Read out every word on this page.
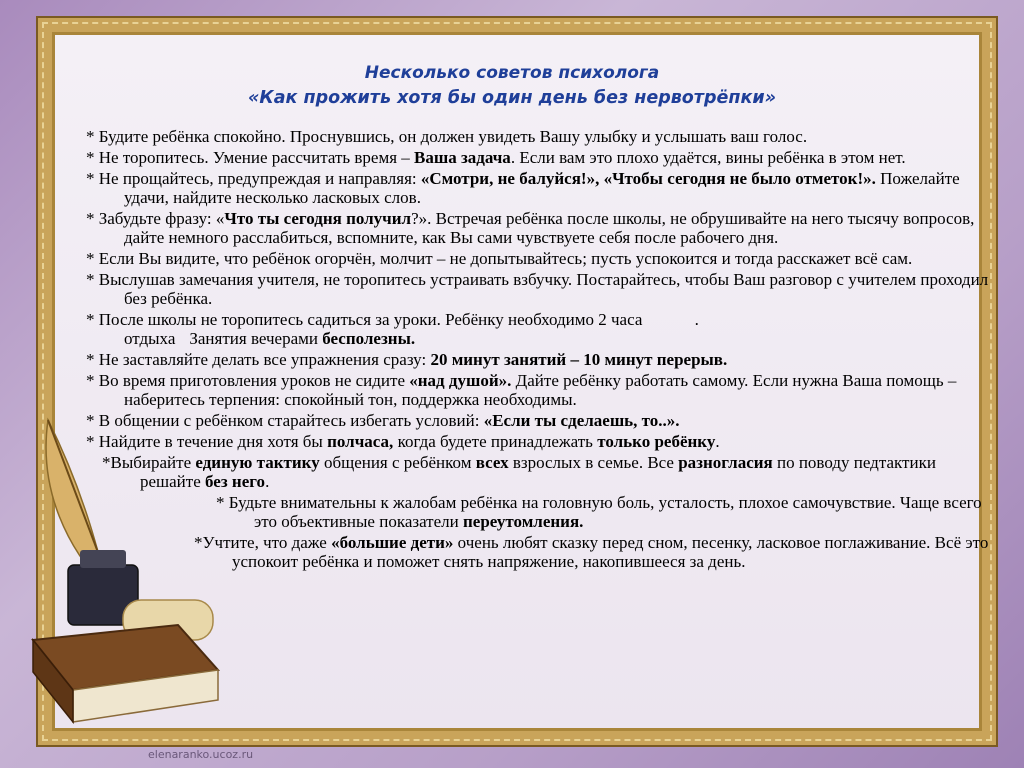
Несколько советов психолога
«Как прожить хотя бы один день без нервотрёпки»
* Будите ребёнка спокойно. Проснувшись, он должен увидеть Вашу улыбку и услышать ваш голос.
* Не торопитесь. Умение рассчитать время – Ваша задача. Если вам это плохо удаётся, вины ребёнка в этом нет.
* Не прощайтесь, предупреждая и направляя: «Смотри, не балуйся!», «Чтобы сегодня не было отметок!». Пожелайте удачи, найдите несколько ласковых слов.
* Забудьте фразу: «Что ты сегодня получил?». Встречая ребёнка после школы, не обрушивайте на него тысячу вопросов, дайте немного расслабиться, вспомните, как Вы сами чувствуете себя после рабочего дня.
* Если Вы видите, что ребёнок огорчён, молчит – не допытывайтесь; пусть успокоится и тогда расскажет всё сам.
* Выслушав замечания учителя, не торопитесь устраивать взбучку. Постарайтесь, чтобы Ваш разговор с учителем проходил без ребёнка.
* После школы не торопитесь садиться за уроки. Ребёнку необходимо 2 часа	.
отдыха Занятия вечерами бесполезны.
* Не заставляйте делать все упражнения сразу: 20 минут занятий – 10 минут перерыв.
* Во время приготовления уроков не сидите «над душой». Дайте ребёнку работать самому. Если нужна Ваша помощь – наберитесь терпения: спокойный тон, поддержка необходимы.
* В общении с ребёнком старайтесь избегать условий: «Если ты сделаешь, то..».
* Найдите в течение дня хотя бы полчаса, когда будете принадлежать только ребёнку.
*Выбирайте единую тактику общения с ребёнком всех взрослых в семье. Все разногласия по поводу педтактики решайте без него.
* Будьте внимательны к жалобам ребёнка на головную боль, усталость, плохое самочувствие. Чаще всего это объективные показатели переутомления.
*Учтите, что даже «большие дети» очень любят сказку перед сном, песенку, ласковое поглаживание. Всё это успокоит ребёнка и поможет снять напряжение, накопившееся за день.
elenaranko.ucoz.ru
